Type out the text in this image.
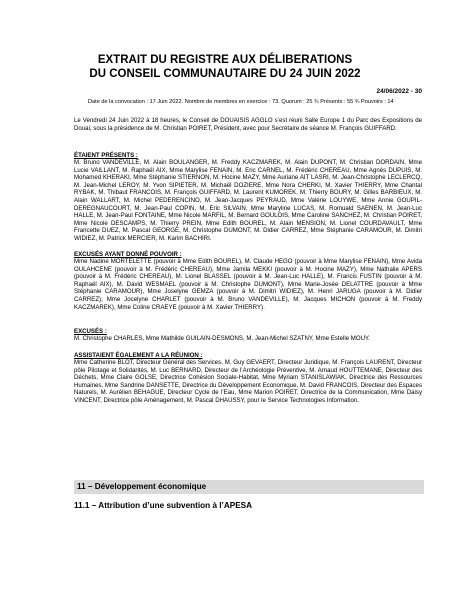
EXTRAIT DU REGISTRE AUX DÉLIBERATIONS
DU CONSEIL COMMUNAUTAIRE DU 24 JUIN 2022
24/06/2022 - 30
Date de la convocation : 17 Juin 2022. Nombre de membres en exercice : 73. Quorum : 25 ¾ Présents : 55 ¾ Pouvoirs : 14
Le Vendredi 24 Juin 2022 à 18 heures, le Conseil de DOUAISIS AGGLO s’est réuni Salle Europe 1 du Parc des Expositions de Douai, sous la présidence de M. Christian POIRET, Président, avec pour Secrétaire de séance M. François GUIFFARD.
ÉTAIENT PRÉSENTS :
M. Bruno VANDEVILLE, M. Alain BOULANGER, M. Freddy KACZMAREK, M. Alain DUPONT, M. Christian DORDAIN, Mme Lucie VAILLANT, M. Raphaël AIX, Mme Marylise FENAIN, M. Eric CARNEL, M. Frédéric CHEREAU, Mme Agnès DUPUIS, M. Mohamed KHERAKI, Mme Stéphanie STIERNON, M. Hocine MAZY, Mme Auriane AIT LASRI, M. Jean-Christophe LECLERCQ, M. Jean-Michel LEROY, M. Yvon SIPIETER, M. Michaël DOZIERE, Mme Nora CHERKI, M. Xavier THIERRY, Mme Chantal RYBAK, M. Thibaut FRANCOIS, M. François GUIFFARD, M. Laurent KUMOREK, M. Thierry BOURY, M. Gilles BARBIEUX, M. Alain WALLART, M. Michel PEDERENCINO, M. Jean-Jacques PEYRAUD, Mme Valérie LOUYWE, Mme Annie GOUPIL-DEREGNAUCOURT, M. Jean-Paul COPIN, M. Eric SILVAIN, Mme Maryline LUCAS, M. Romuald SAENEN, M. Jean-Luc HALLE, M. Jean-Paul FONTAINE, Mme Nicole MARFIL, M. Bernard GOULOIS, Mme Caroline SANCHEZ, M. Christian POIRET, Mme Nicole DESCAMPS, M. Thierry PREIN, Mme Edith BOUREL, M. Alain MENSION, M. Lionel COURDAVAULT, Mme Francette DUEZ, M. Pascal GEORGE, M. Christophe DUMONT, M. Didier CARREZ, Mme Stéphanie CARAMOUR, M. Dimitri WIDIEZ, M. Patrick MERCIER, M. Karim BACHIRI.
EXCUSÉS AYANT DONNÉ POUVOIR :
Mme Nadine MORTELETTE (pouvoir à Mme Edith BOUREL), M. Claude HEGO (pouvoir à Mme Marylise FENAIN), Mme Avida OULAHCENE (pouvoir à M. Frédéric CHEREAU), Mme Jamila MEKKI (pouvoir à M. Hocine MAZY), Mme Nathalie APERS (pouvoir à M. Frédéric CHEREAU), M. Lionel BLASSEL (pouvoir à M. Jean-Luc HALLE), M. Francis FUSTIN (pouvoir à M. Raphaël AIX), M. David WESMAEL (pouvoir à M. Christophe DUMONT), Mme Marie-Josée DELATTRE (pouvoir à Mme Stéphanie CARAMOUR), Mme Joselyne GEMZA (pouvoir à M. Dimitri WIDIEZ), M. Henri JARUGA (pouvoir à M. Didier CARREZ), Mme Jocelyne CHARLET (pouvoir à M. Bruno VANDEVILLE), M. Jacques MICHON (pouvoir à M. Freddy KACZMAREK), Mme Coline CRAEYE (pouvoir à M. Xavier THIERRY).
EXCUSÉS :
M. Christophe CHARLES, Mme Mathilde GUILAIN-DESMONS, M. Jean-Michel SZATNY, Mme Estelle MOUY.
ASSISTAIENT ÉGALEMENT A LA RÉUNION :
Mme Catherine BLOT, Directeur Général des Services, M. Guy GEVAERT, Directeur Juridique, M. François LAURENT, Directeur pôle Pilotage et Solidarités, M. Luc BERNARD, Directeur de l’Archéologie Préventive, M. Arnaud HOUTTEMANE, Directeur des Déchets, Mme Claire GOLSE, Directrice Cohésion Sociale-Habitat, Mme Myriam STANISLAWIAK, Directrice des Ressources Humaines, Mme Sandrine DANSETTE, Directrice du Développement Economique, M. David FRANCOIS, Directeur des Espaces Naturels, M. Aurélien BEHAGUE, Directeur Cycle de l’Eau, Mme Marion POIRET, Directrice de la Communication, Mme Daisy VINCENT, Directrice pôle Aménagement, M. Pascal DHAUSSY, pour le Service Technologies Information.
11 – Développement économique
11.1 – Attribution d’une subvention à l’APESA
